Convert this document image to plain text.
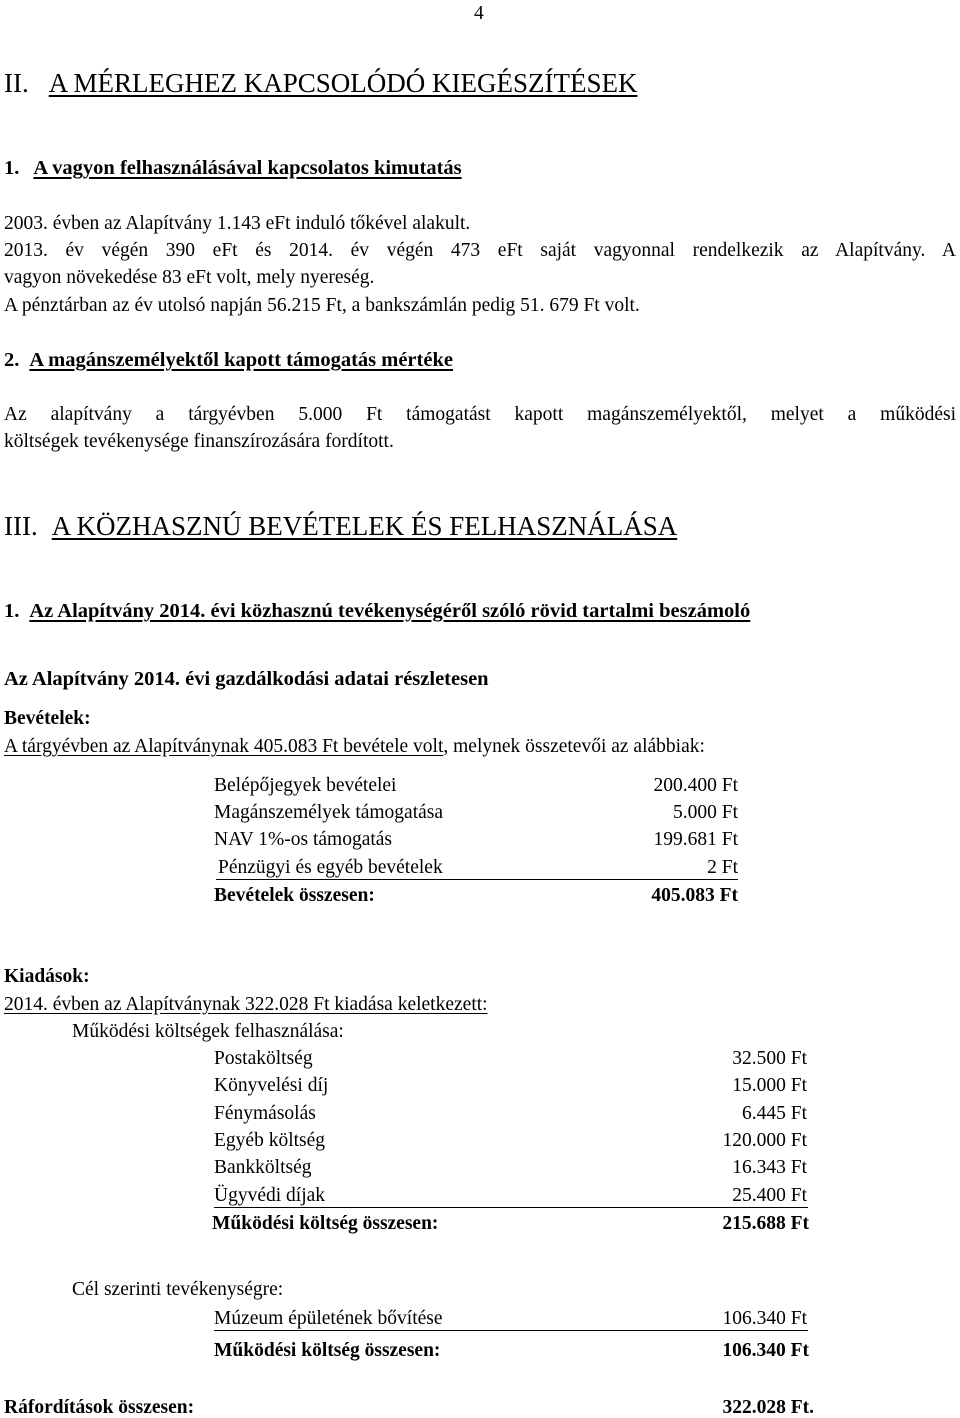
4
II. A MÉRLEGHEZ KAPCSOLÓDÓ KIEGÉSZÍTÉSEK
1. A vagyon felhasználásával kapcsolatos kimutatás
2003. évben az Alapítvány 1.143 eFt induló tőkével alakult.
2013. év végén 390 eFt és 2014. év végén 473 eFt saját vagyonnal rendelkezik az Alapítvány. A
vagyon növekedése 83 eFt volt, mely nyereség.
A pénztárban az év utolsó napján 56.215 Ft, a bankszámlán pedig 51. 679 Ft volt.
2. A magánszemélyektől kapott támogatás mértéke
Az alapítvány a tárgyévben 5.000 Ft támogatást kapott magánszemélyektől, melyet a működési
költségek tevékenysége finanszírozására fordított.
III. A KÖZHASZNÚ BEVÉTELEK ÉS FELHASZNÁLÁSA
1. Az Alapítvány 2014. évi közhasznú tevékenységéről szóló rövid tartalmi beszámoló
Az Alapítvány 2014. évi gazdálkodási adatai részletesen
Bevételek:
A tárgyévben az Alapítványnak 405.083 Ft bevétele volt, melynek összetevői az alábbiak:
Belépőjegyek bevételei	200.400 Ft
Magánszemélyek támogatása	5.000 Ft
NAV 1%-os támogatás	199.681 Ft
Pénzügyi és egyéb bevételek	2 Ft
Bevételek összesen:	405.083 Ft
Kiadások:
2014. évben az Alapítványnak 322.028 Ft kiadása keletkezett:
Működési költségek felhasználása:
Postaköltség	32.500 Ft
Könyvelési díj	15.000 Ft
Fénymásolás	6.445 Ft
Egyéb költség	120.000 Ft
Bankköltség	16.343 Ft
Ügyvédi díjak	25.400 Ft
Működési költség összesen:	215.688 Ft
Cél szerinti tevékenységre:
Múzeum épületének bővítése	106.340 Ft
Működési költség összesen:	106.340 Ft
Ráfordítások összesen:	322.028 Ft.
